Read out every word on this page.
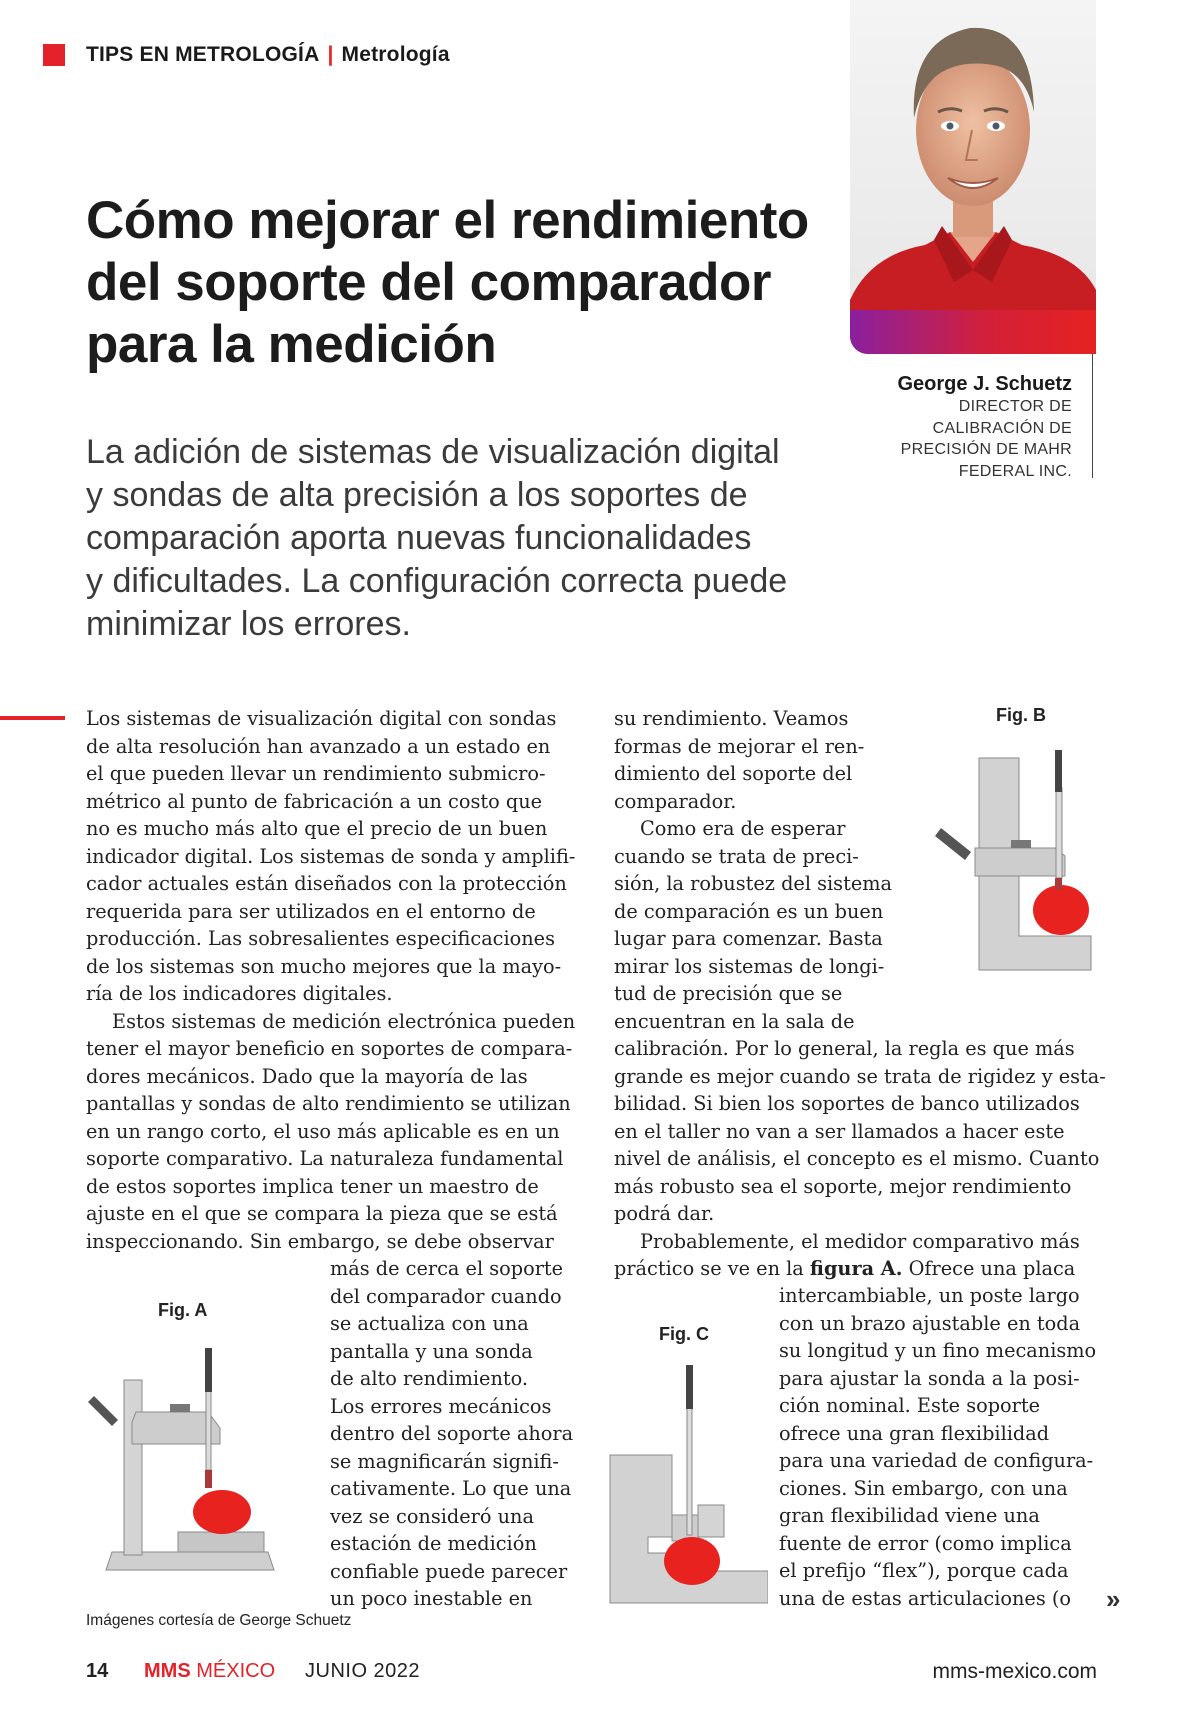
TIPS EN METROLOGÍA | Metrología
George J. Schuetz
DIRECTOR DE
CALIBRACIÓN DE
PRECISIÓN DE MAHR
FEDERAL INC.
Cómo mejorar el rendimiento
del soporte del comparador
para la medición
La adición de sistemas de visualización digital
y sondas de alta precisión a los soportes de
comparación aporta nuevas funcionalidades
y dificultades. La configuración correcta puede
minimizar los errores.
Los sistemas de visualización digital con sondas
de alta resolución han avanzado a un estado en
el que pueden llevar un rendimiento submicro-
métrico al punto de fabricación a un costo que
no es mucho más alto que el precio de un buen
indicador digital. Los sistemas de sonda y amplifi-
cador actuales están diseñados con la protección
requerida para ser utilizados en el entorno de
producción. Las sobresalientes especificaciones
de los sistemas son mucho mejores que la mayo-
ría de los indicadores digitales.
Estos sistemas de medición electrónica pueden
tener el mayor beneficio en soportes de compara-
dores mecánicos. Dado que la mayoría de las
pantallas y sondas de alto rendimiento se utilizan
en un rango corto, el uso más aplicable es en un
soporte comparativo. La naturaleza fundamental
de estos soportes implica tener un maestro de
ajuste en el que se compara la pieza que se está
inspeccionando. Sin embargo, se debe observar
más de cerca el soporte
del comparador cuando
se actualiza con una
pantalla y una sonda
de alto rendimiento.
Los errores mecánicos
dentro del soporte ahora
se magnificarán signifi-
cativamente. Lo que una
vez se consideró una
estación de medición
confiable puede parecer
un poco inestable en
su rendimiento. Veamos
formas de mejorar el ren-
dimiento del soporte del
comparador.
Como era de esperar
cuando se trata de preci-
sión, la robustez del sistema
de comparación es un buen
lugar para comenzar. Basta
mirar los sistemas de longi-
tud de precisión que se
encuentran en la sala de
calibración. Por lo general, la regla es que más
grande es mejor cuando se trata de rigidez y esta-
bilidad. Si bien los soportes de banco utilizados
en el taller no van a ser llamados a hacer este
nivel de análisis, el concepto es el mismo. Cuanto
más robusto sea el soporte, mejor rendimiento
podrá dar.
Probablemente, el medidor comparativo más
práctico se ve en la figura A. Ofrece una placa
intercambiable, un poste largo
con un brazo ajustable en toda
su longitud y un fino mecanismo
para ajustar la sonda a la posi-
ción nominal. Este soporte
ofrece una gran flexibilidad
para una variedad de configura-
ciones. Sin embargo, con una
gran flexibilidad viene una
fuente de error (como implica
el prefijo “flex”), porque cada
una de estas articulaciones (o
Fig. A
Fig. B
Fig. C
Imágenes cortesía de George Schuetz
»
14 MMS MÉXICO JUNIO 2022	mms-mexico.com
